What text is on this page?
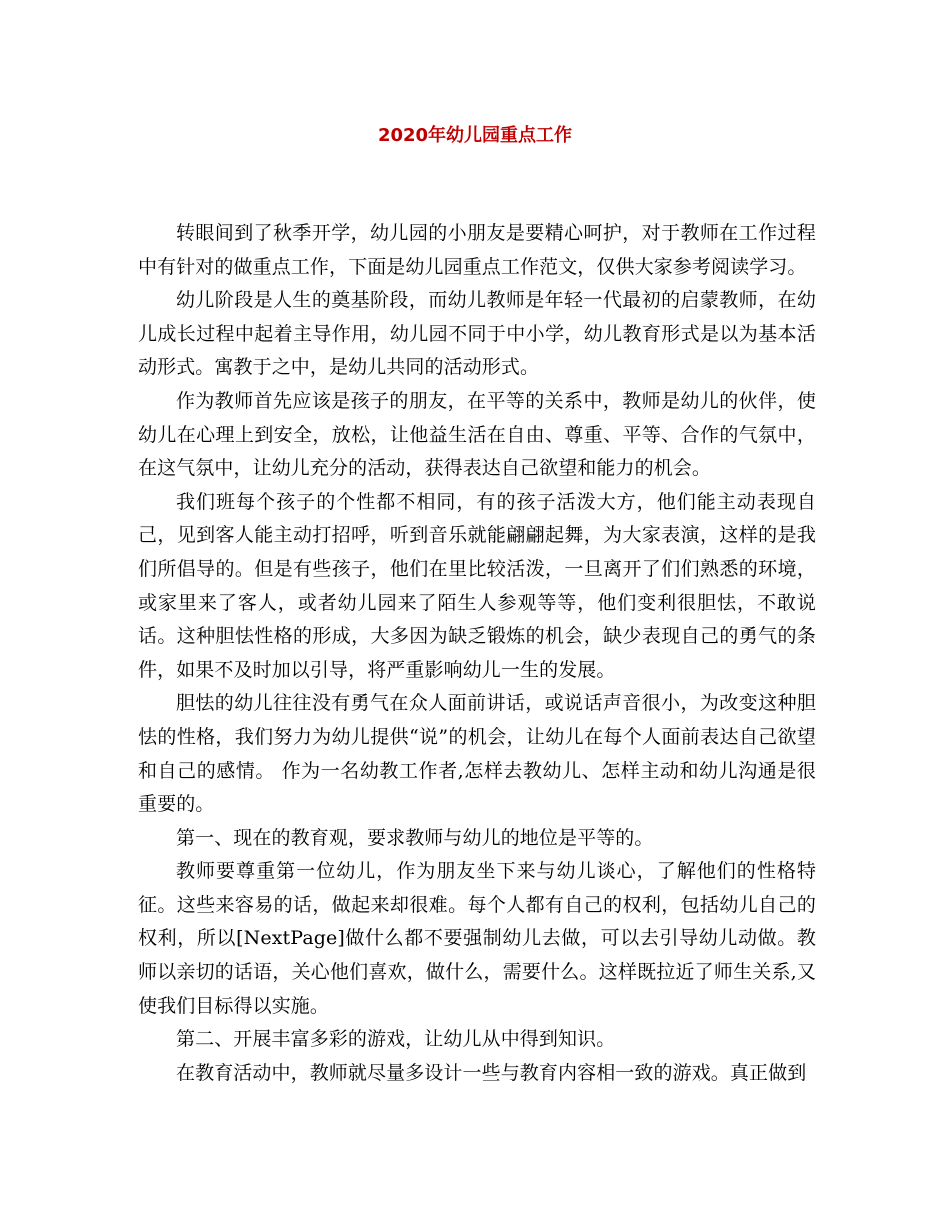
2020年幼儿园重点工作

转眼间到了秋季开学，幼儿园的小朋友是要精心呵护，对于教师在工作过程中有针对的做重点工作，下面是幼儿园重点工作范文，仅供大家参考阅读学习。

幼儿阶段是人生的奠基阶段，而幼儿教师是年轻一代最初的启蒙教师，在幼儿成长过程中起着主导作用，幼儿园不同于中小学，幼儿教育形式是以为基本活动形式。寓教于之中，是幼儿共同的活动形式。

作为教师首先应该是孩子的朋友，在平等的关系中，教师是幼儿的伙伴，使幼儿在心理上到安全，放松，让他益生活在自由、尊重、平等、合作的气氛中，在这气氛中，让幼儿充分的活动，获得表达自己欲望和能力的机会。

我们班每个孩子的个性都不相同，有的孩子活泼大方，他们能主动表现自己，见到客人能主动打招呼，听到音乐就能翩翩起舞，为大家表演，这样的是我们所倡导的。但是有些孩子，他们在里比较活泼，一旦离开了们们熟悉的环境，或家里来了客人，或者幼儿园来了陌生人参观等等，他们变利很胆怯，不敢说话。这种胆怯性格的形成，大多因为缺乏锻炼的机会，缺少表现自己的勇气的条件，如果不及时加以引导，将严重影响幼儿一生的发展。

胆怯的幼儿往往没有勇气在众人面前讲话，或说话声音很小，为改变这种胆怯的性格，我们努力为幼儿提供“说”的机会，让幼儿在每个人面前表达自己欲望和自己的感情。 作为一名幼教工作者,怎样去教幼儿、怎样主动和幼儿沟通是很重要的。

第一、现在的教育观，要求教师与幼儿的地位是平等的。

教师要尊重第一位幼儿，作为朋友坐下来与幼儿谈心，了解他们的性格特征。这些来容易的话，做起来却很难。每个人都有自己的权利，包括幼儿自己的权利，所以[NextPage]做什么都不要强制幼儿去做，可以去引导幼儿动做。教师以亲切的话语，关心他们喜欢，做什么，需要什么。这样既拉近了师生关系,又使我们目标得以实施。

第二、开展丰富多彩的游戏，让幼儿从中得到知识。

在教育活动中，教师就尽量多设计一些与教育内容相一致的游戏。真正做到
